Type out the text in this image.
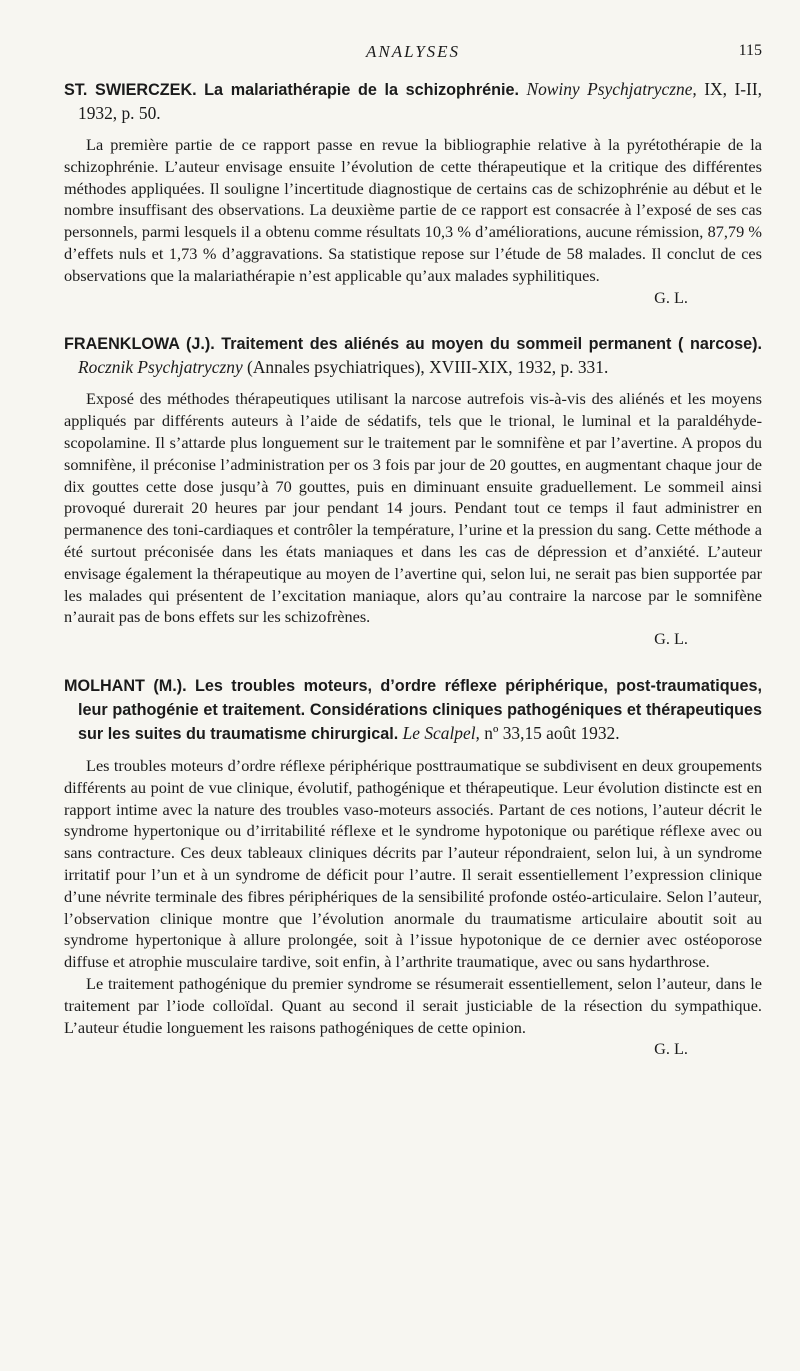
ANALYSES	115
ST. SWIERCZEK. La malariathérapie de la schizophrénie. Nowiny Psychjatryczne, IX, I-II, 1932, p. 50.

La première partie de ce rapport passe en revue la bibliographie relative à la pyrétothérapie de la schizophrénie. L’auteur envisage ensuite l’évolution de cette thérapeutique et la critique des différentes méthodes appliquées. Il souligne l’incertitude diagnostique de certains cas de schizophrénie au début et le nombre insuffisant des observations. La deuxième partie de ce rapport est consacrée à l’exposé de ses cas personnels, parmi lesquels il a obtenu comme résultats 10,3 % d’améliorations, aucune rémission, 87,79 % d’effets nuls et 1,73 % d’aggravations. Sa statistique repose sur l’étude de 58 malades. Il conclut de ces observations que la malariathérapie n’est applicable qu’aux malades syphilitiques.

G. L.

FRAENKLOWA (J.). Traitement des aliénés au moyen du sommeil permanent ( narcose). Rocznik Psychjatryczny (Annales psychiatriques), XVIII-XIX, 1932, p. 331.

Exposé des méthodes thérapeutiques utilisant la narcose autrefois vis-à-vis des aliénés et les moyens appliqués par différents auteurs à l’aide de sédatifs, tels que le trional, le luminal et la paraldéhyde-scopolamine. Il s’attarde plus longuement sur le traitement par le somnifène et par l’avertine. A propos du somnifène, il préconise l’administration per os 3 fois par jour de 20 gouttes, en augmentant chaque jour de dix gouttes cette dose jusqu’à 70 gouttes, puis en diminuant ensuite graduellement. Le sommeil ainsi provoqué durerait 20 heures par jour pendant 14 jours. Pendant tout ce temps il faut administrer en permanence des toni-cardiaques et contrôler la température, l’urine et la pression du sang. Cette méthode a été surtout préconisée dans les états maniaques et dans les cas de dépression et d’anxiété. L’auteur envisage également la thérapeutique au moyen de l’avertine qui, selon lui, ne serait pas bien supportée par les malades qui présentent de l’excitation maniaque, alors qu’au contraire la narcose par le somnifène n’aurait pas de bons effets sur les schizofrènes.

G. L.

MOLHANT (M.). Les troubles moteurs, d’ordre réflexe périphérique, post-traumatiques, leur pathogénie et traitement. Considérations cliniques pathogéniques et thérapeutiques sur les suites du traumatisme chirurgical. Le Scalpel, nº 33,15 août 1932.

Les troubles moteurs d’ordre réflexe périphérique posttraumatique se subdivisent en deux groupements différents au point de vue clinique, évolutif, pathogénique et thérapeutique. Leur évolution distincte est en rapport intime avec la nature des troubles vaso-moteurs associés. Partant de ces notions, l’auteur décrit le syndrome hypertonique ou d’irritabilité réflexe et le syndrome hypotonique ou parétique réflexe avec ou sans contracture. Ces deux tableaux cliniques décrits par l’auteur répondraient, selon lui, à un syndrome irritatif pour l’un et à un syndrome de déficit pour l’autre. Il serait essentiellement l’expression clinique d’une névrite terminale des fibres périphériques de la sensibilité profonde ostéo-articulaire. Selon l’auteur, l’observation clinique montre que l’évolution anormale du traumatisme articulaire aboutit soit au syndrome hypertonique à allure prolongée, soit à l’issue hypotonique de ce dernier avec ostéoporose diffuse et atrophie musculaire tardive, soit enfin, à l’arthrite traumatique, avec ou sans hydarthrose.

Le traitement pathogénique du premier syndrome se résumerait essentiellement, selon l’auteur, dans le traitement par l’iode colloïdal. Quant au second il serait justiciable de la résection du sympathique. L’auteur étudie longuement les raisons pathogéniques de cette opinion.

G. L.
